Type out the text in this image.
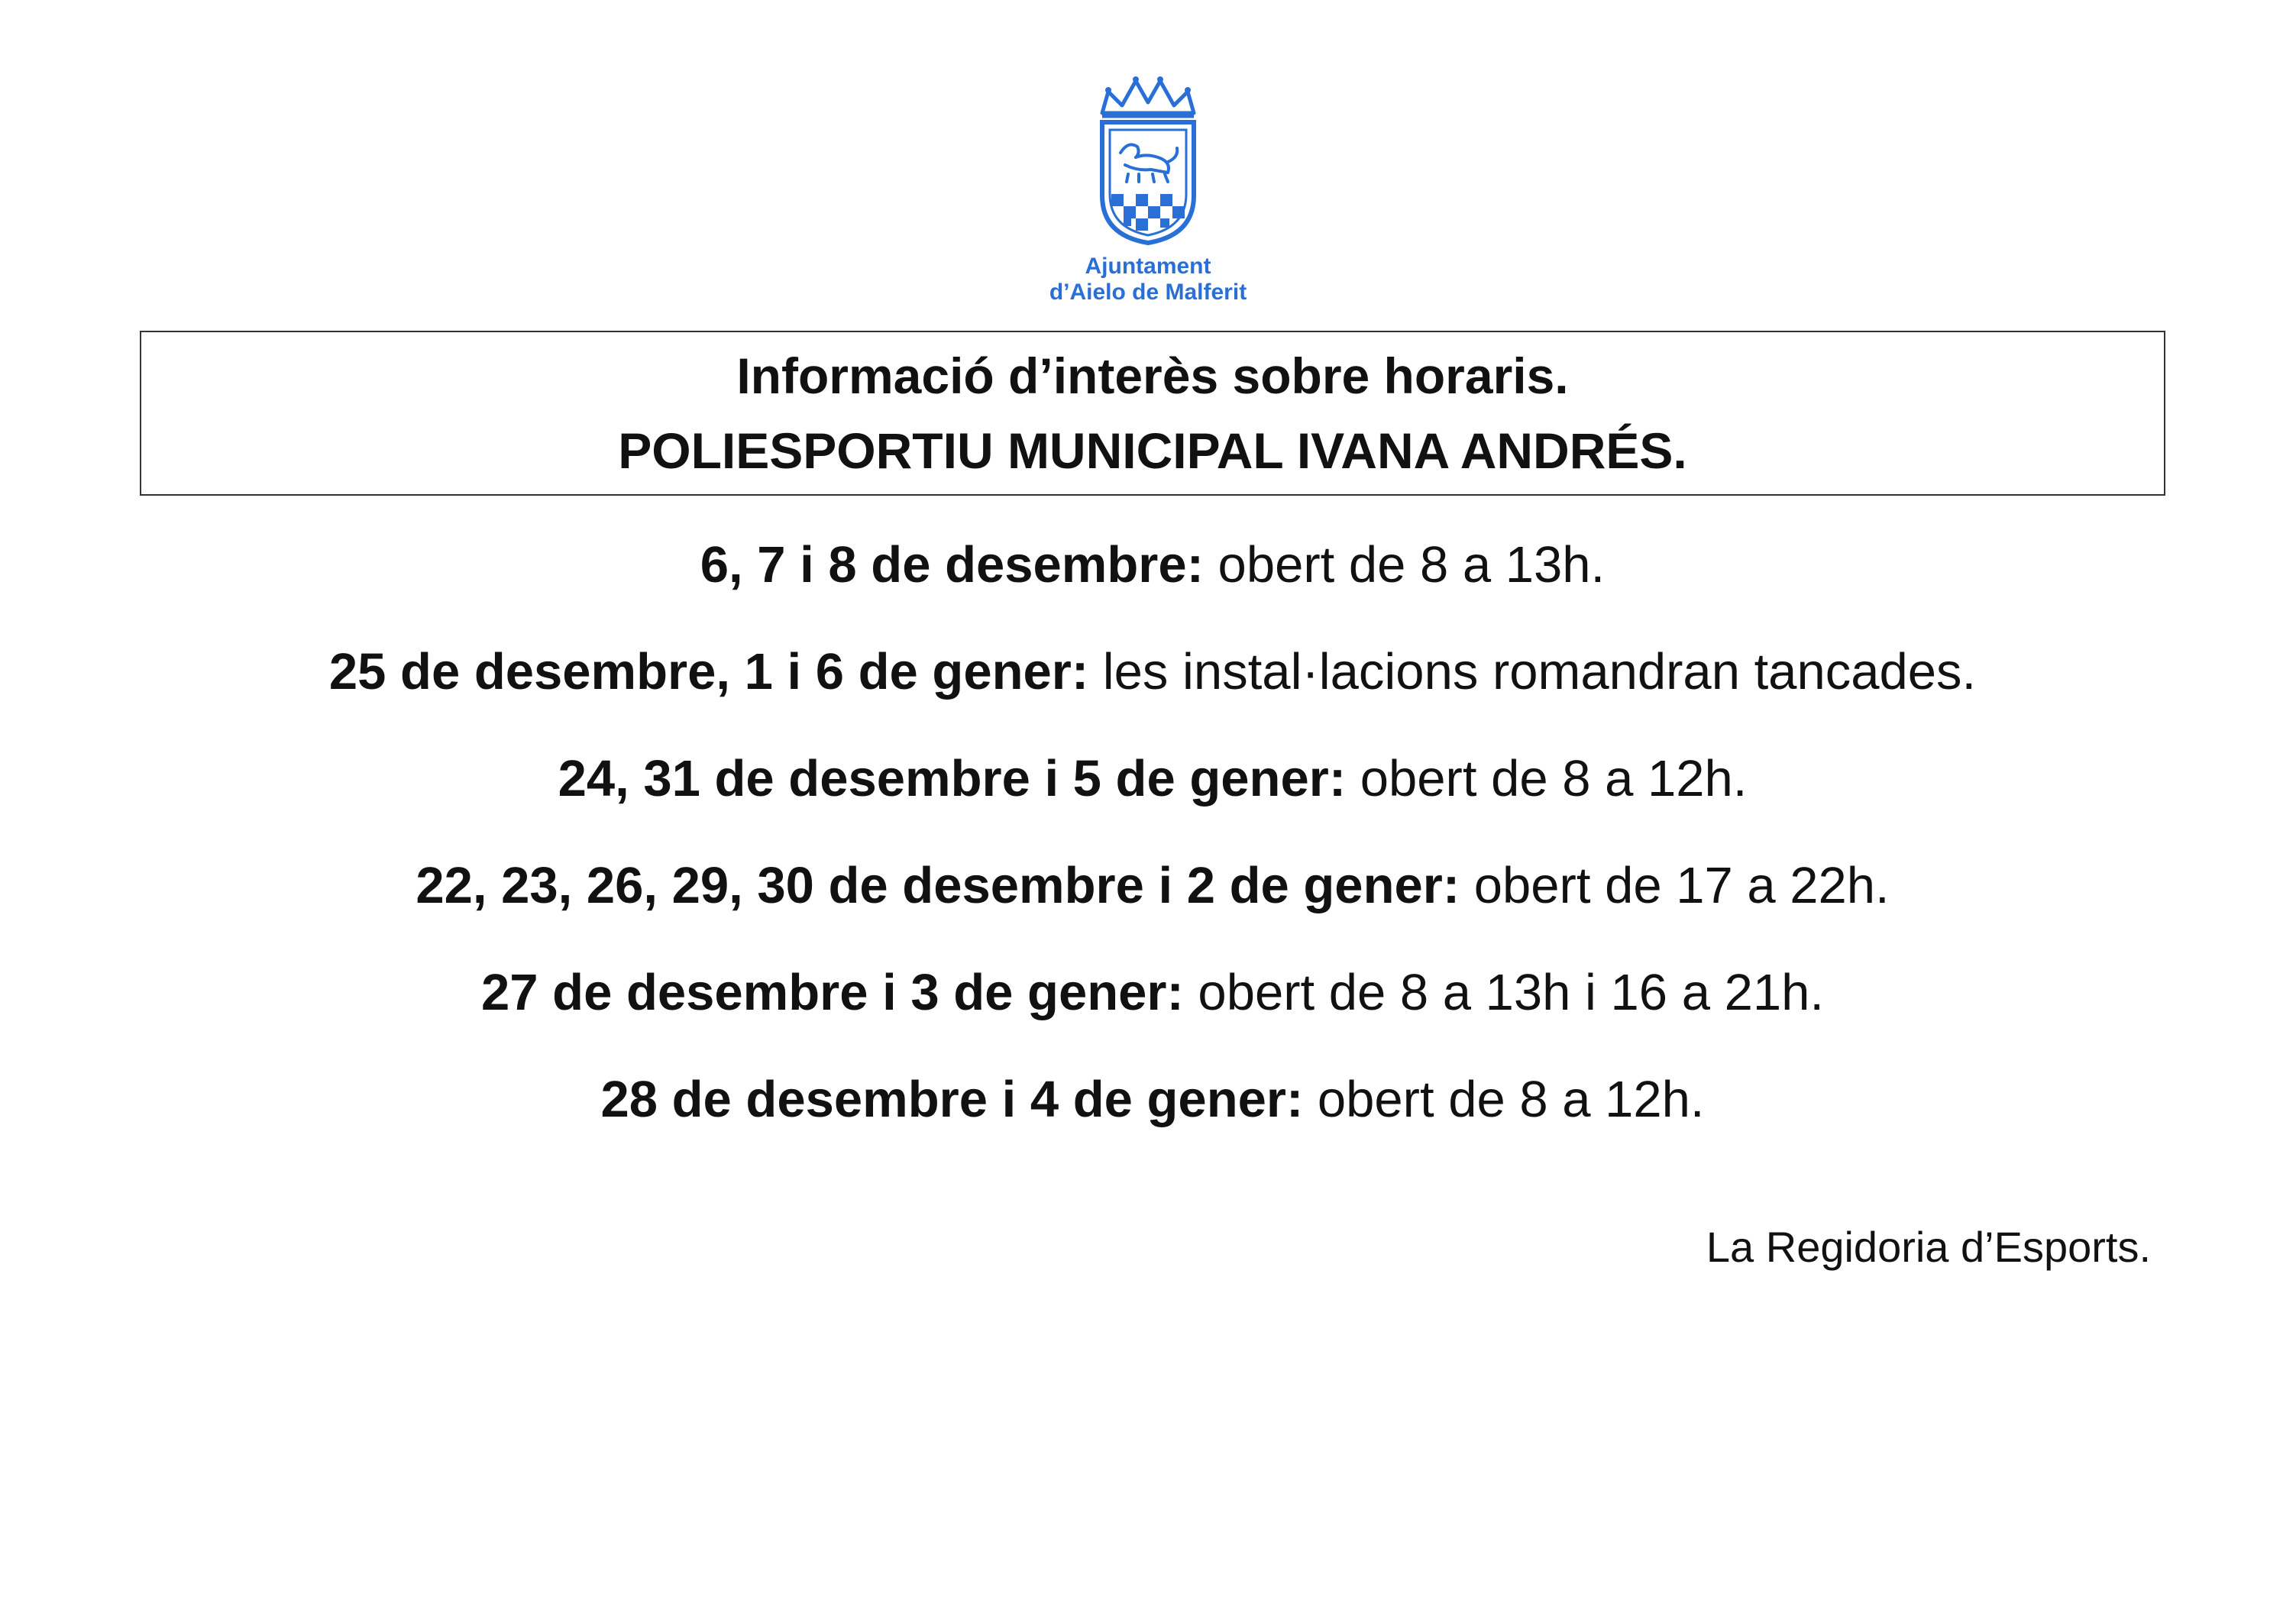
Ajuntament
d’Aielo de Malferit
Informació d’interès sobre horaris.
POLIESPORTIU MUNICIPAL IVANA ANDRÉS.
6, 7 i 8 de desembre: obert de 8 a 13h.
25 de desembre, 1 i 6 de gener: les instal·lacions romandran tancades.
24, 31 de desembre i 5 de gener: obert de 8 a 12h.
22, 23, 26, 29, 30 de desembre i 2 de gener: obert de 17 a 22h.
27 de desembre i 3 de gener: obert de 8 a 13h i 16 a 21h.
28 de desembre i 4 de gener: obert de 8 a 12h.
La Regidoria d’Esports.
